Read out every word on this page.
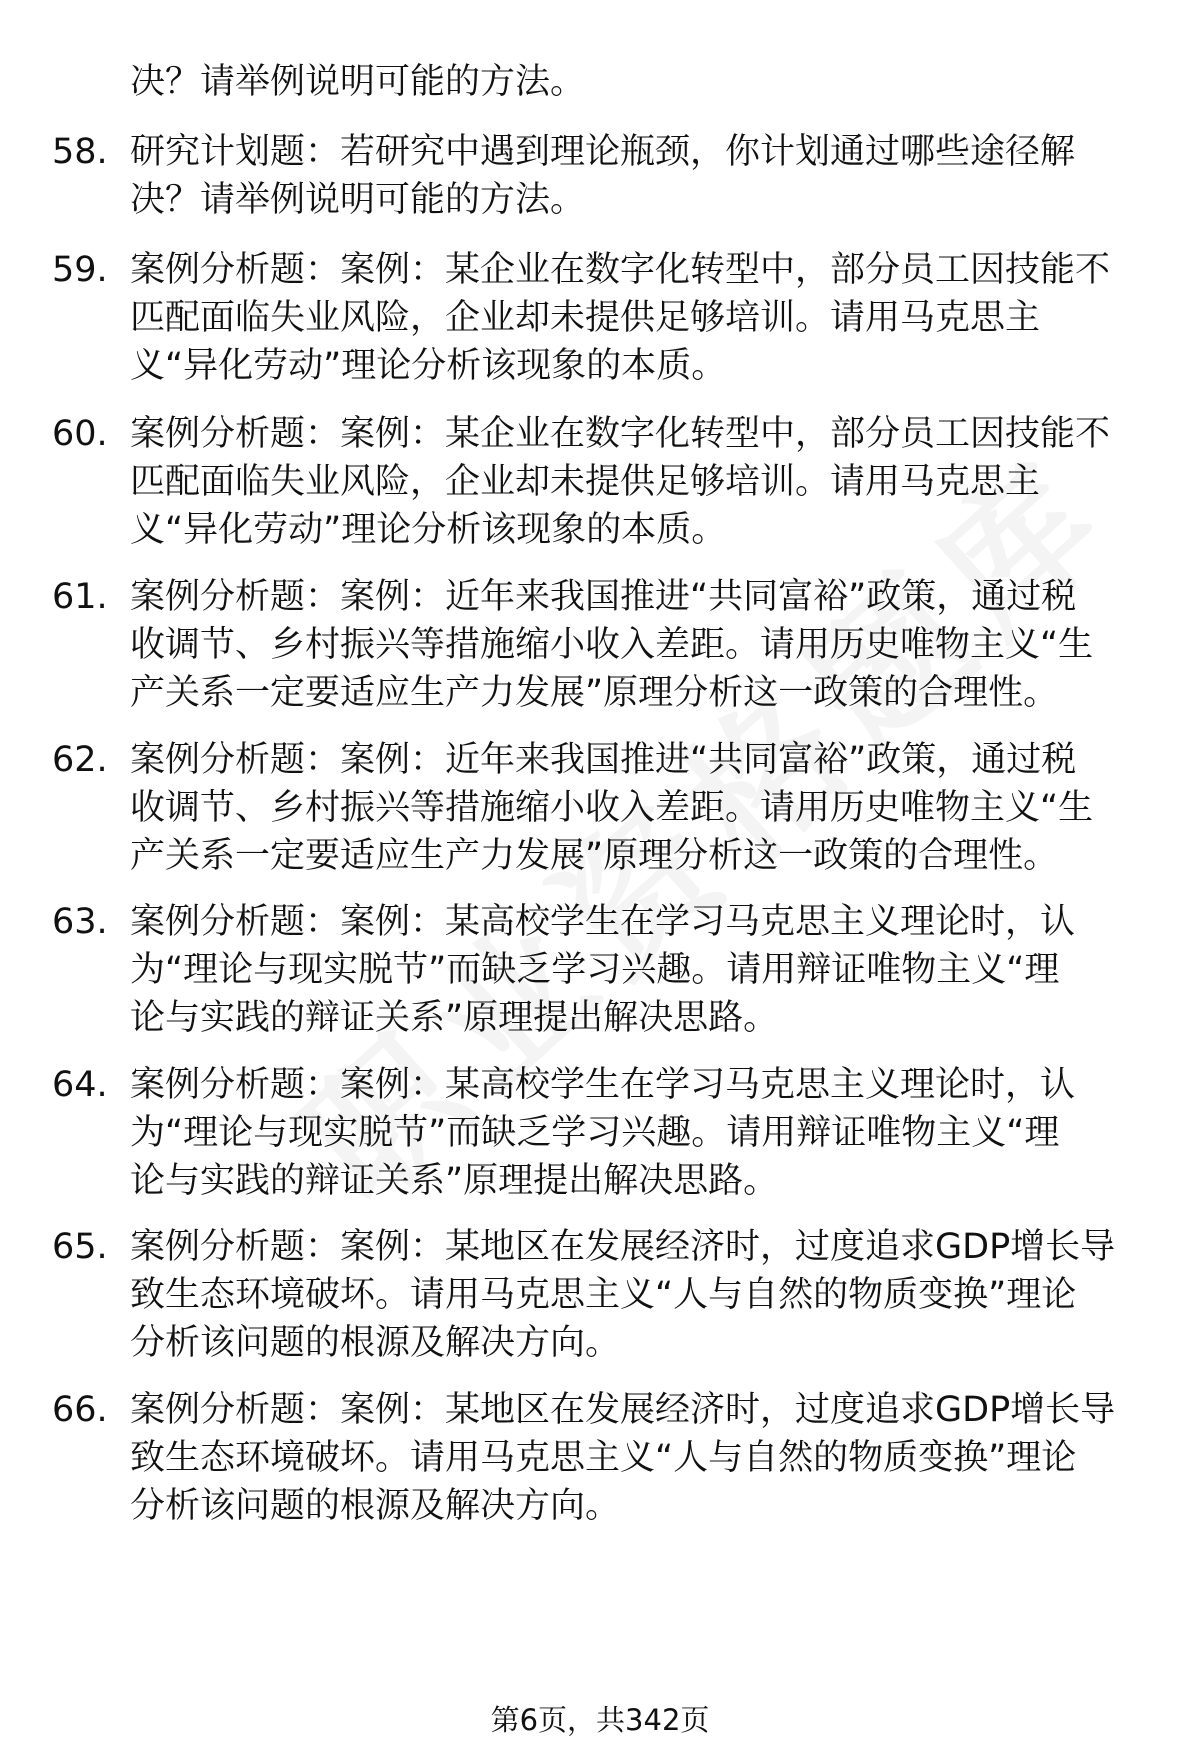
决？请举例说明可能的方法。
58. 研究计划题：若研究中遇到理论瓶颈，你计划通过哪些途径解
决？请举例说明可能的方法。
59. 案例分析题：案例：某企业在数字化转型中，部分员工因技能不
匹配面临失业风险，企业却未提供足够培训。请用马克思主
义“异化劳动”理论分析该现象的本质。
60. 案例分析题：案例：某企业在数字化转型中，部分员工因技能不
匹配面临失业风险，企业却未提供足够培训。请用马克思主
义“异化劳动”理论分析该现象的本质。
61. 案例分析题：案例：近年来我国推进“共同富裕”政策，通过税
收调节、乡村振兴等措施缩小收入差距。请用历史唯物主义“生
产关系一定要适应生产力发展”原理分析这一政策的合理性。
62. 案例分析题：案例：近年来我国推进“共同富裕”政策，通过税
收调节、乡村振兴等措施缩小收入差距。请用历史唯物主义“生
产关系一定要适应生产力发展”原理分析这一政策的合理性。
63. 案例分析题：案例：某高校学生在学习马克思主义理论时，认
为“理论与现实脱节”而缺乏学习兴趣。请用辩证唯物主义“理
论与实践的辩证关系”原理提出解决思路。
64. 案例分析题：案例：某高校学生在学习马克思主义理论时，认
为“理论与现实脱节”而缺乏学习兴趣。请用辩证唯物主义“理
论与实践的辩证关系”原理提出解决思路。
65. 案例分析题：案例：某地区在发展经济时，过度追求GDP增长导
致生态环境破坏。请用马克思主义“人与自然的物质变换”理论
分析该问题的根源及解决方向。
66. 案例分析题：案例：某地区在发展经济时，过度追求GDP增长导
致生态环境破坏。请用马克思主义“人与自然的物质变换”理论
分析该问题的根源及解决方向。
第6页，共342页
